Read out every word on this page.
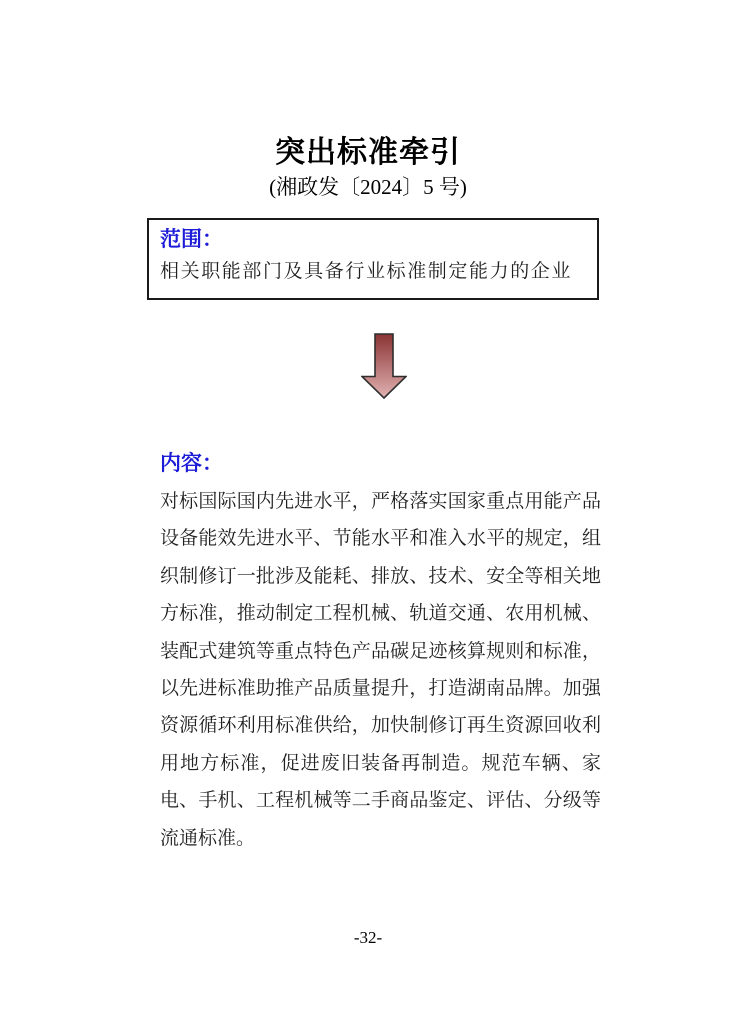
突出标准牵引
(湘政发〔2024〕5 号)
范围：
相关职能部门及具备行业标准制定能力的企业
内容：
对标国际国内先进水平，严格落实国家重点用能产品设备能效先进水平、节能水平和准入水平的规定，组织制修订一批涉及能耗、排放、技术、安全等相关地方标准，推动制定工程机械、轨道交通、农用机械、装配式建筑等重点特色产品碳足迹核算规则和标准，以先进标准助推产品质量提升，打造湖南品牌。加强资源循环利用标准供给，加快制修订再生资源回收利用地方标准，促进废旧装备再制造。规范车辆、家电、手机、工程机械等二手商品鉴定、评估、分级等流通标准。
-32-
